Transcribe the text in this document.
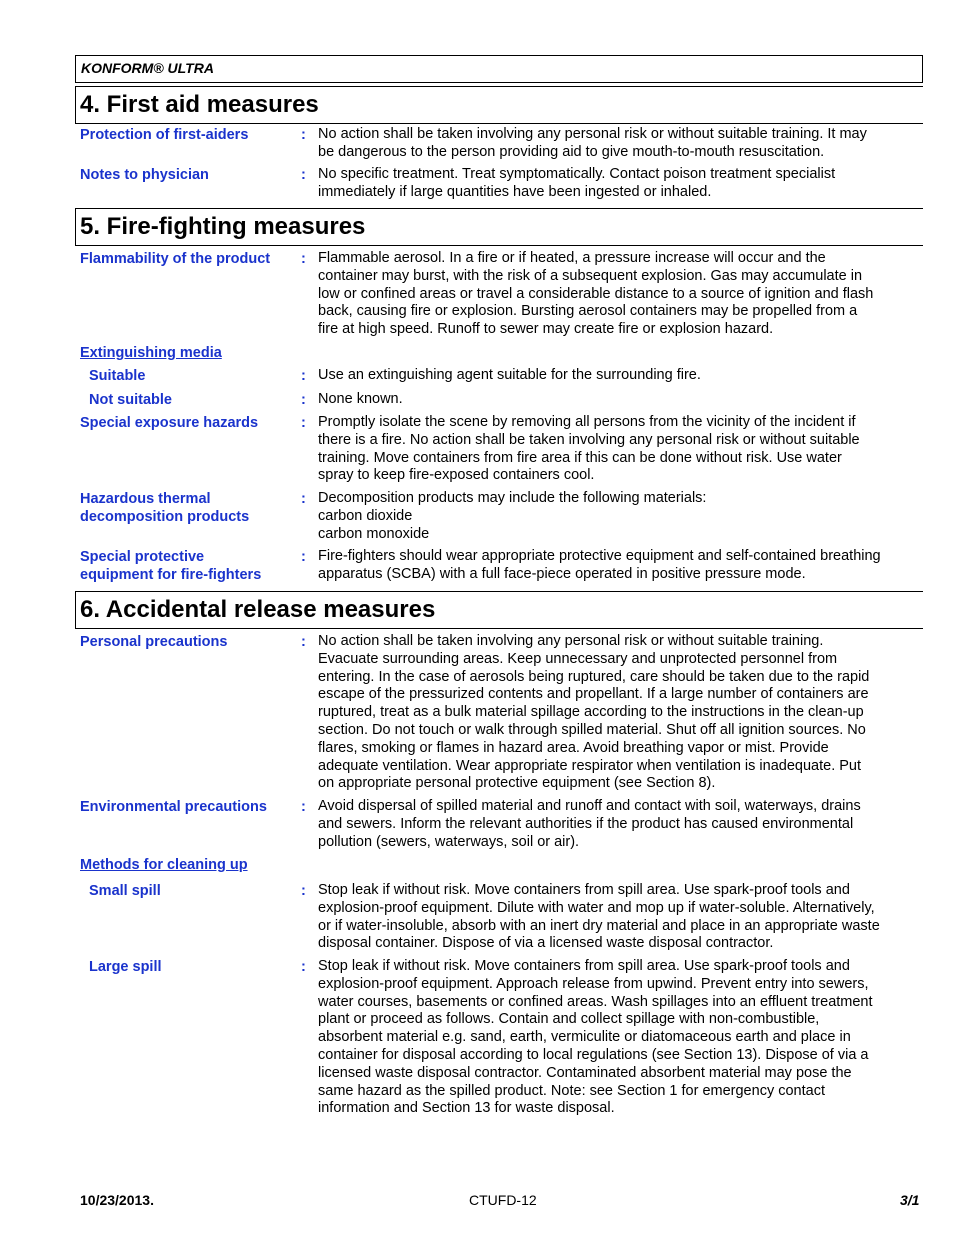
KONFORM® ULTRA
4. First aid measures
Protection of first-aiders	: No action shall be taken involving any personal risk or without suitable training. It may
be dangerous to the person providing aid to give mouth-to-mouth resuscitation.
Notes to physician	: No specific treatment. Treat symptomatically. Contact poison treatment specialist
immediately if large quantities have been ingested or inhaled.
5. Fire-fighting measures
Flammability of the product	: Flammable aerosol. In a fire or if heated, a pressure increase will occur and the
container may burst, with the risk of a subsequent explosion. Gas may accumulate in
low or confined areas or travel a considerable distance to a source of ignition and flash
back, causing fire or explosion. Bursting aerosol containers may be propelled from a
fire at high speed. Runoff to sewer may create fire or explosion hazard.
Extinguishing media
Suitable	: Use an extinguishing agent suitable for the surrounding fire.
Not suitable	: None known.
Special exposure hazards	: Promptly isolate the scene by removing all persons from the vicinity of the incident if
there is a fire. No action shall be taken involving any personal risk or without suitable
training. Move containers from fire area if this can be done without risk. Use water
spray to keep fire-exposed containers cool.
Hazardous thermal
decomposition products
: Decomposition products may include the following materials:
carbon dioxide
carbon monoxide
Special protective
equipment for fire-fighters
: Fire-fighters should wear appropriate protective equipment and self-contained breathing
apparatus (SCBA) with a full face-piece operated in positive pressure mode.
6. Accidental release measures
Personal precautions	: No action shall be taken involving any personal risk or without suitable training.
Evacuate surrounding areas. Keep unnecessary and unprotected personnel from
entering. In the case of aerosols being ruptured, care should be taken due to the rapid
escape of the pressurized contents and propellant. If a large number of containers are
ruptured, treat as a bulk material spillage according to the instructions in the clean-up
section. Do not touch or walk through spilled material. Shut off all ignition sources. No
flares, smoking or flames in hazard area. Avoid breathing vapor or mist. Provide
adequate ventilation. Wear appropriate respirator when ventilation is inadequate. Put
on appropriate personal protective equipment (see Section 8).
Environmental precautions	: Avoid dispersal of spilled material and runoff and contact with soil, waterways, drains
and sewers. Inform the relevant authorities if the product has caused environmental
pollution (sewers, waterways, soil or air).
Methods for cleaning up
Small spill	: Stop leak if without risk. Move containers from spill area. Use spark-proof tools and
explosion-proof equipment. Dilute with water and mop up if water-soluble. Alternatively,
or if water-insoluble, absorb with an inert dry material and place in an appropriate waste
disposal container. Dispose of via a licensed waste disposal contractor.
Large spill	: Stop leak if without risk. Move containers from spill area. Use spark-proof tools and
explosion-proof equipment. Approach release from upwind. Prevent entry into sewers,
water courses, basements or confined areas. Wash spillages into an effluent treatment
plant or proceed as follows. Contain and collect spillage with non-combustible,
absorbent material e.g. sand, earth, vermiculite or diatomaceous earth and place in
container for disposal according to local regulations (see Section 13). Dispose of via a
licensed waste disposal contractor. Contaminated absorbent material may pose the
same hazard as the spilled product. Note: see Section 1 for emergency contact
information and Section 13 for waste disposal.
10/23/2013.	CTUFD-12	3/1
